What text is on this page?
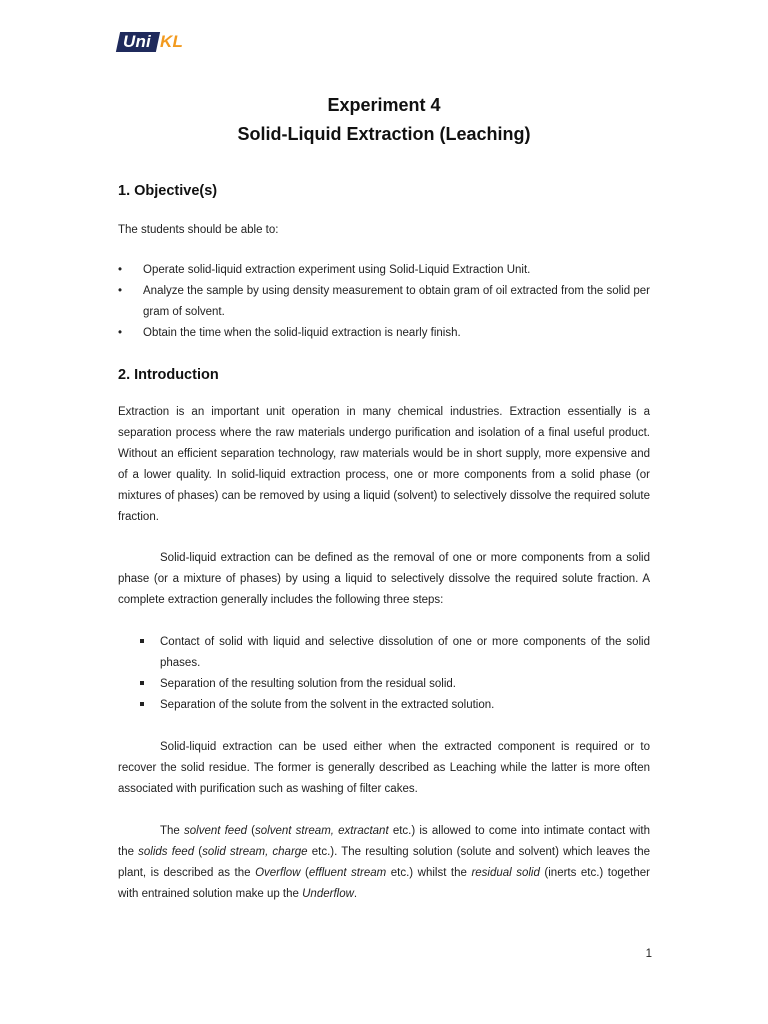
Uni KL
Experiment 4
Solid-Liquid Extraction (Leaching)
1. Objective(s)
The students should be able to:
• Operate solid-liquid extraction experiment using Solid-Liquid Extraction Unit.
• Analyze the sample by using density measurement to obtain gram of oil extracted from the solid per gram of solvent.
• Obtain the time when the solid-liquid extraction is nearly finish.
2. Introduction
Extraction is an important unit operation in many chemical industries. Extraction essentially is a separation process where the raw materials undergo purification and isolation of a final useful product. Without an efficient separation technology, raw materials would be in short supply, more expensive and of a lower quality. In solid-liquid extraction process, one or more components from a solid phase (or mixtures of phases) can be removed by using a liquid (solvent) to selectively dissolve the required solute fraction.
Solid-liquid extraction can be defined as the removal of one or more components from a solid phase (or a mixture of phases) by using a liquid to selectively dissolve the required solute fraction. A complete extraction generally includes the following three steps:
Contact of solid with liquid and selective dissolution of one or more components of the solid phases.
Separation of the resulting solution from the residual solid.
Separation of the solute from the solvent in the extracted solution.
Solid-liquid extraction can be used either when the extracted component is required or to recover the solid residue. The former is generally described as Leaching while the latter is more often associated with purification such as washing of filter cakes.
The solvent feed (solvent stream, extractant etc.) is allowed to come into intimate contact with the solids feed (solid stream, charge etc.). The resulting solution (solute and solvent) which leaves the plant, is described as the Overflow (effluent stream etc.) whilst the residual solid (inerts etc.) together with entrained solution make up the Underflow.
1
